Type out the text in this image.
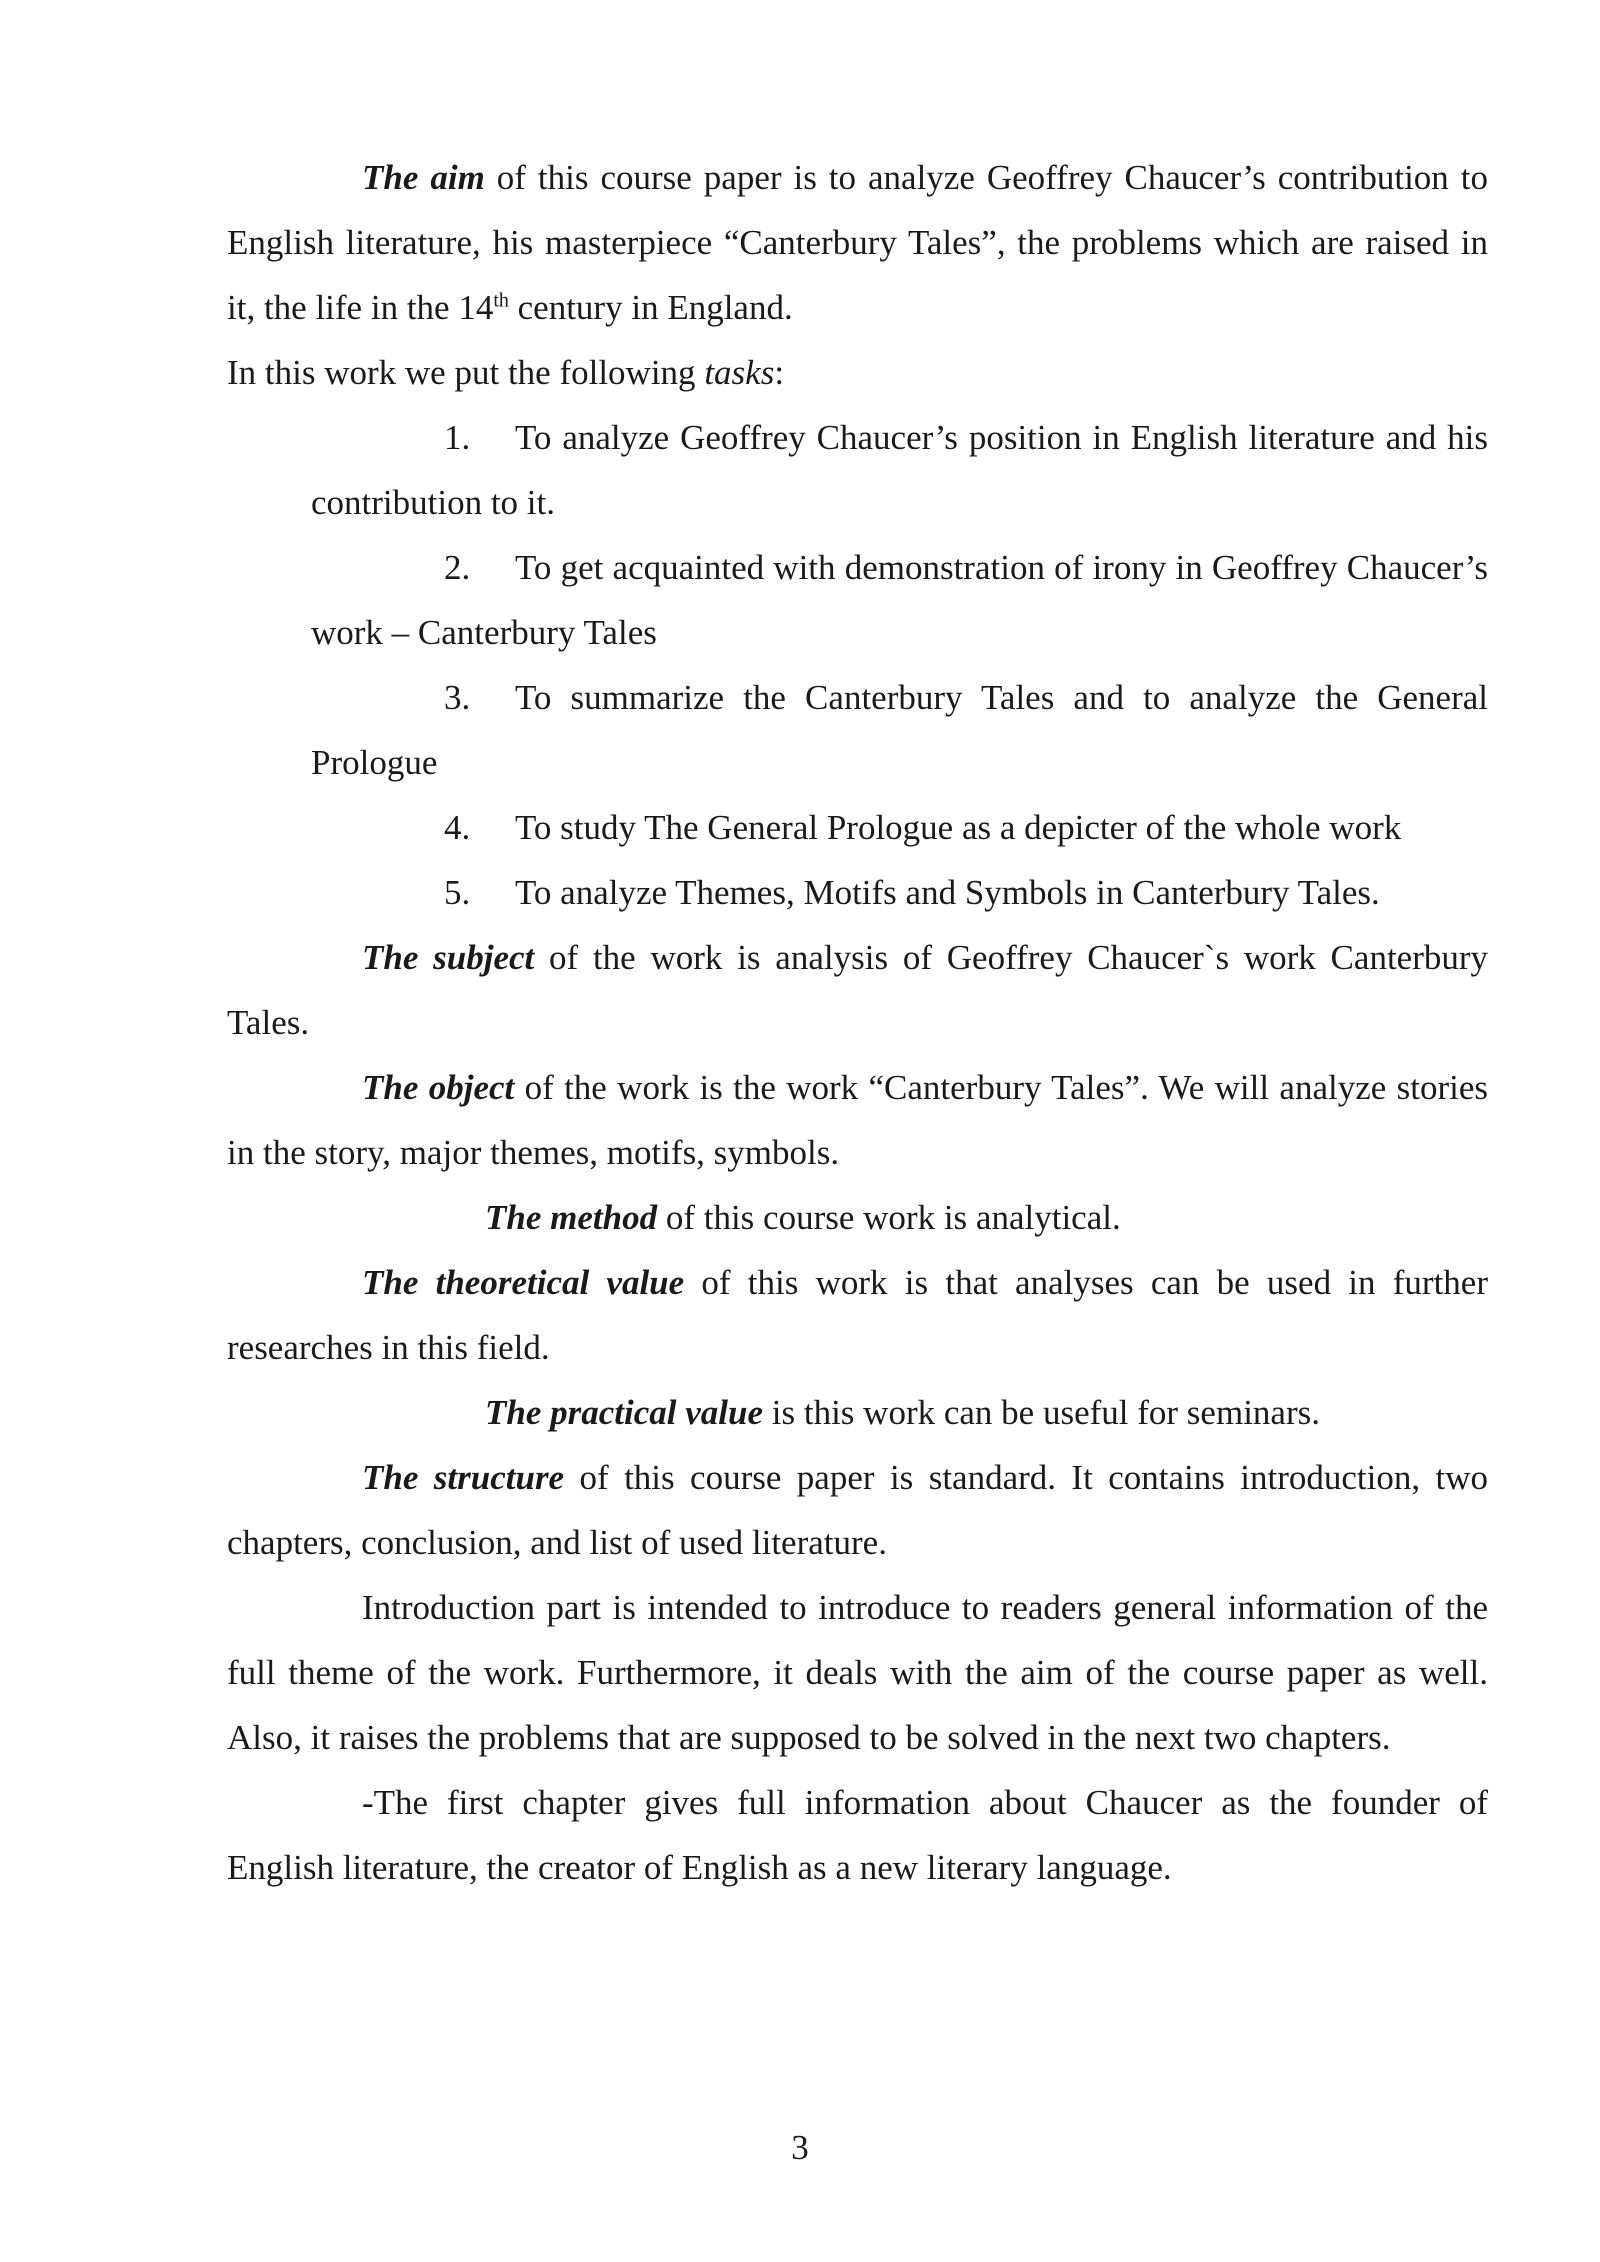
The aim of this course paper is to analyze Geoffrey Chaucer’s contribution to English literature, his masterpiece “Canterbury Tales”, the problems which are raised in it, the life in the 14th century in England.

In this work we put the following tasks:

1. To analyze Geoffrey Chaucer’s position in English literature and his contribution to it.
2. To get acquainted with demonstration of irony in Geoffrey Chaucer’s work – Canterbury Tales
3. To summarize the Canterbury Tales and to analyze the General Prologue
4. To study The General Prologue as a depicter of the whole work
5. To analyze Themes, Motifs and Symbols in Canterbury Tales.

The subject of the work is analysis of Geoffrey Chaucer`s work Canterbury Tales.

The object of the work is the work “Canterbury Tales”. We will analyze stories in the story, major themes, motifs, symbols.

The method of this course work is analytical.

The theoretical value of this work is that analyses can be used in further researches in this field.

The practical value is this work can be useful for seminars.

The structure of this course paper is standard. It contains introduction, two chapters, conclusion, and list of used literature.

Introduction part is intended to introduce to readers general information of the full theme of the work. Furthermore, it deals with the aim of the course paper as well. Also, it raises the problems that are supposed to be solved in the next two chapters.

-The first chapter gives full information about Chaucer as the founder of English literature, the creator of English as a new literary language.

3
